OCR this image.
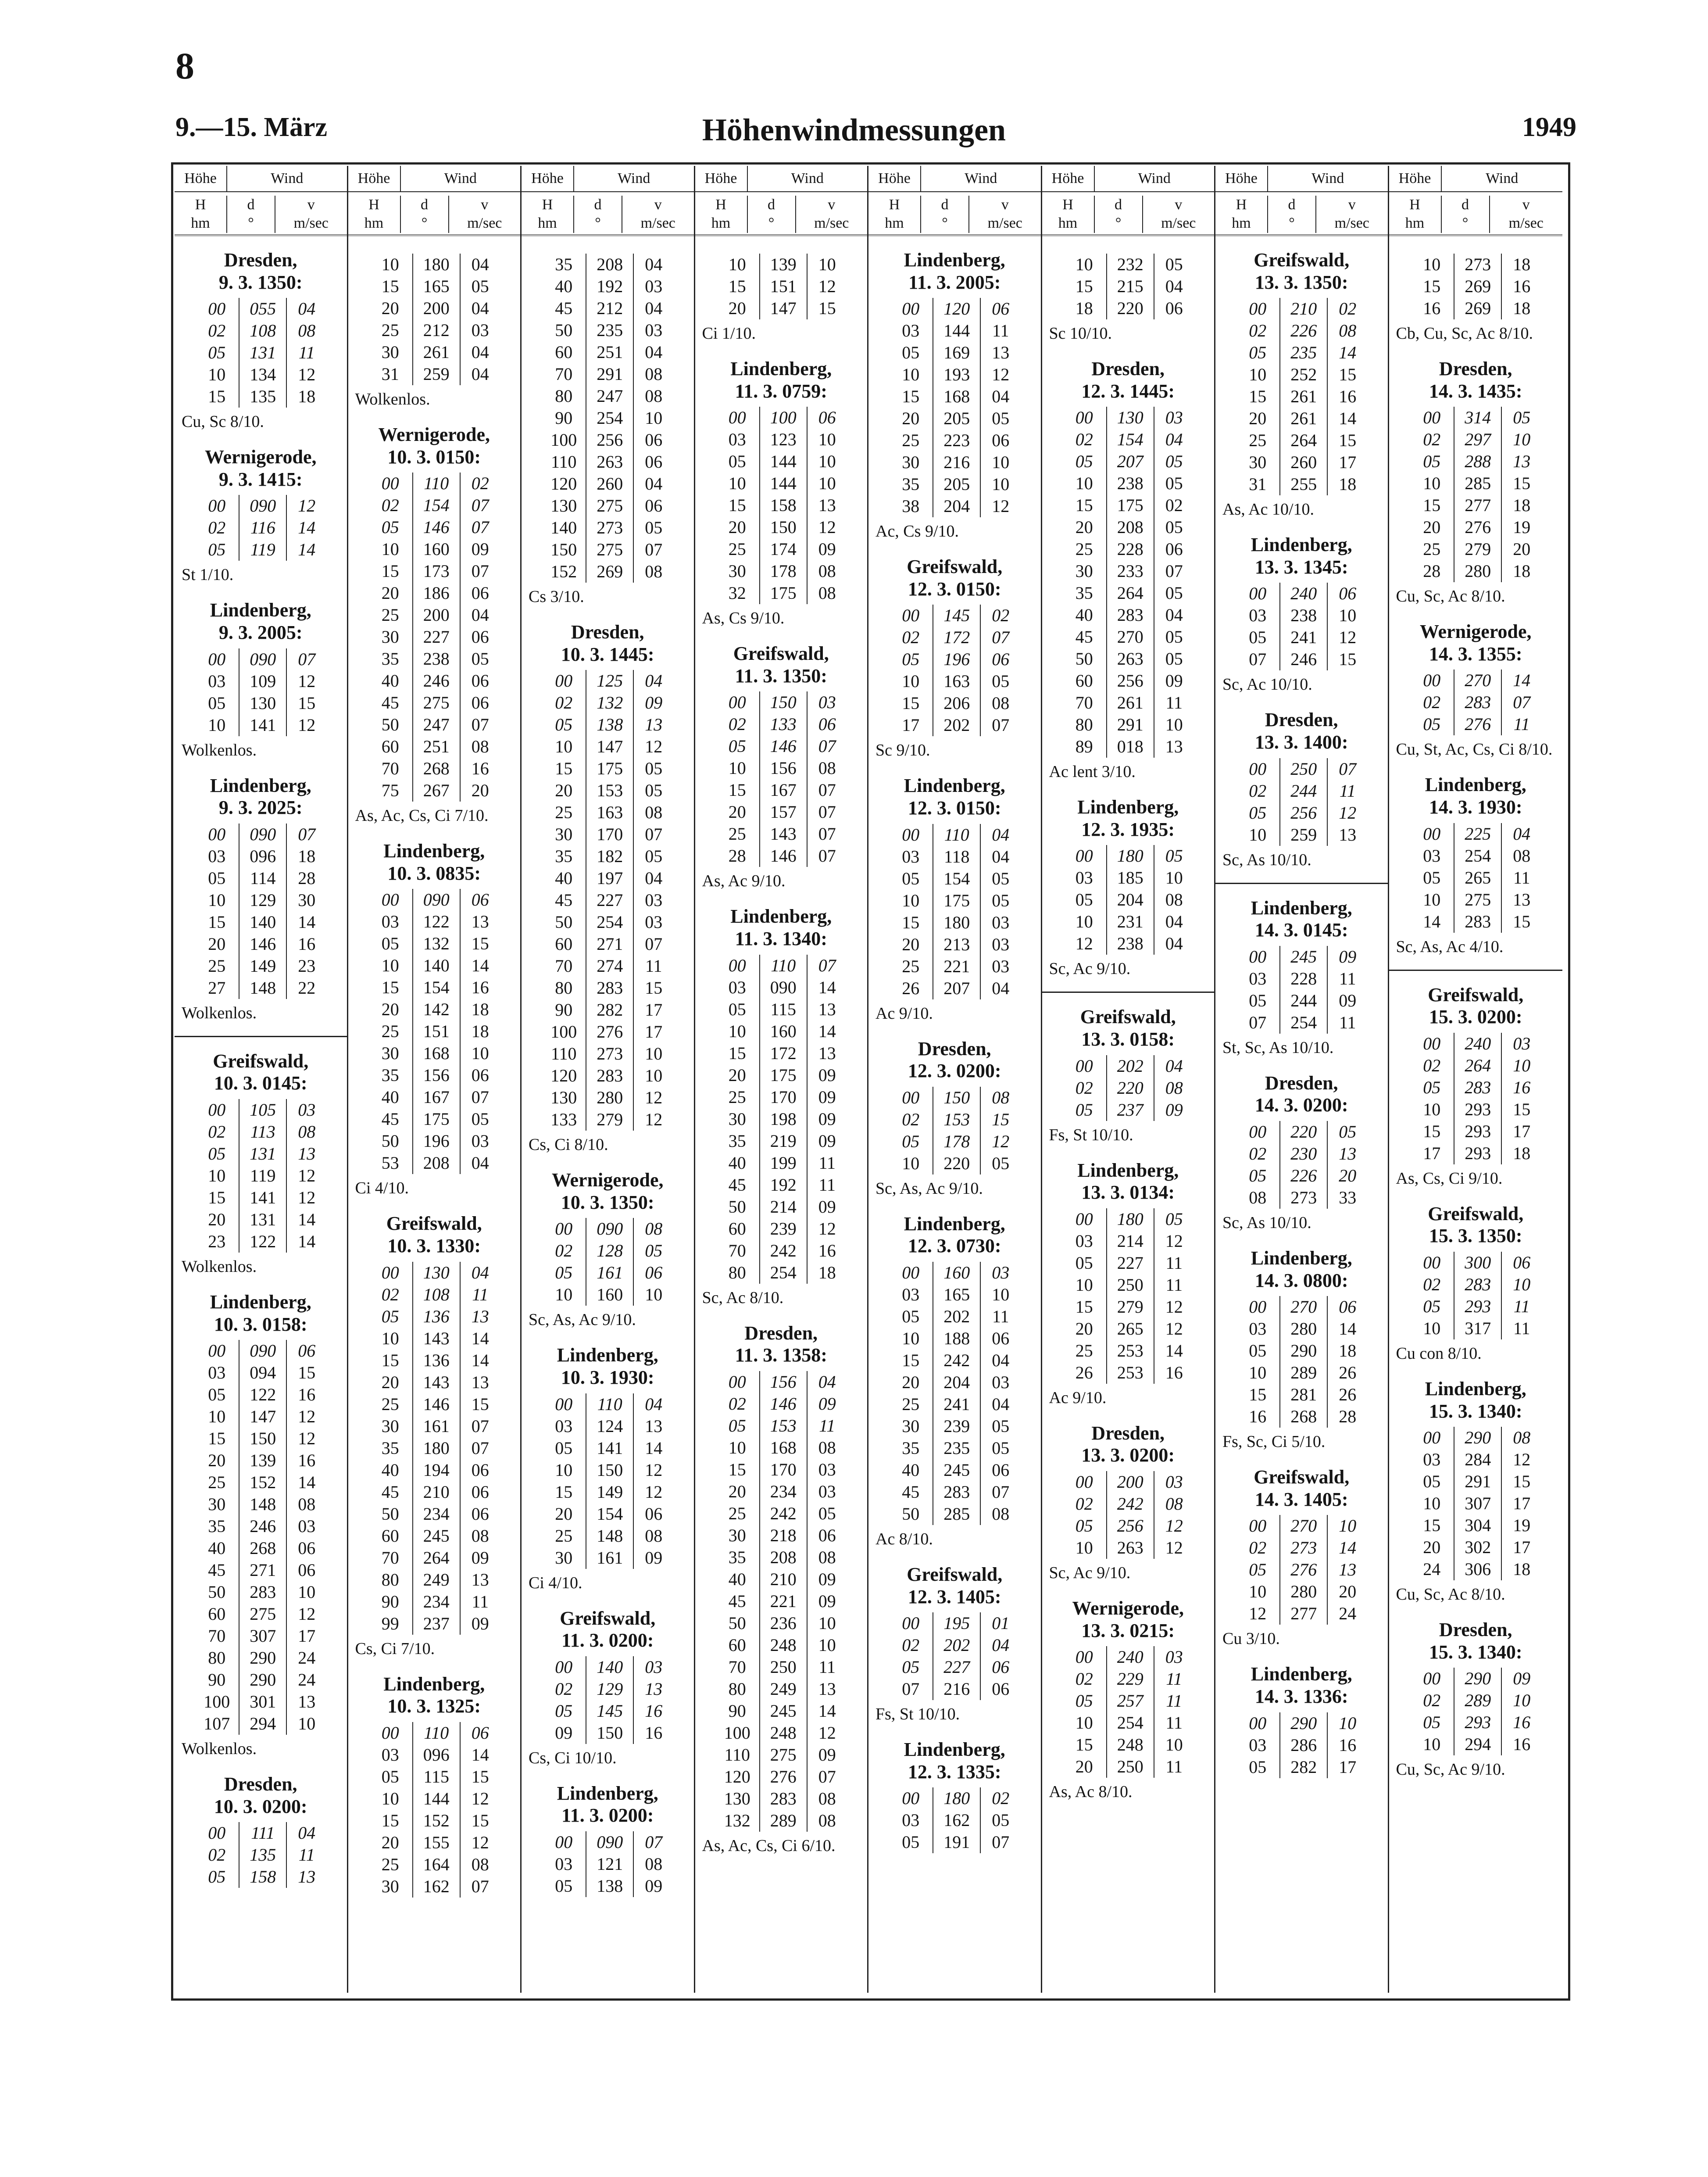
8
9.—15. März	Höhenwindmessungen	1949
Höhe	Wind
H
hm
d
°
v
m/sec
Dresden,
9. 3. 1350:
00	055	04
02	108	08
05	131	11
10	134	12
15	135	18
Cu, Sc 8/10.
Wernigerode,
9. 3. 1415:
00	090	12
02	116	14
05	119	14
St 1/10.
Lindenberg,
9. 3. 2005:
00	090	07
03	109	12
05	130	15
10	141	12
Wolkenlos.
Lindenberg,
9. 3. 2025:
00	090	07
03	096	18
05	114	28
10	129	30
15	140	14
20	146	16
25	149	23
27	148	22
Wolkenlos.
Greifswald,
10. 3. 0145:
00	105	03
02	113	08
05	131	13
10	119	12
15	141	12
20	131	14
23	122	14
Wolkenlos.
Lindenberg,
10. 3. 0158:
00	090	06
03	094	15
05	122	16
10	147	12
15	150	12
20	139	16
25	152	14
30	148	08
35	246	03
40	268	06
45	271	06
50	283	10
60	275	12
70	307	17
80	290	24
90	290	24
100	301	13
107	294	10
Wolkenlos.
Dresden,
10. 3. 0200:
00	111	04
02	135	11
05	158	13
Höhe	Wind
H
hm
d
°
v
m/sec
10	180	04
15	165	05
20	200	04
25	212	03
30	261	04
31	259	04
Wolkenlos.
Wernigerode,
10. 3. 0150:
00	110	02
02	154	07
05	146	07
10	160	09
15	173	07
20	186	06
25	200	04
30	227	06
35	238	05
40	246	06
45	275	06
50	247	07
60	251	08
70	268	16
75	267	20
As, Ac, Cs, Ci 7/10.
Lindenberg,
10. 3. 0835:
00	090	06
03	122	13
05	132	15
10	140	14
15	154	16
20	142	18
25	151	18
30	168	10
35	156	06
40	167	07
45	175	05
50	196	03
53	208	04
Ci 4/10.
Greifswald,
10. 3. 1330:
00	130	04
02	108	11
05	136	13
10	143	14
15	136	14
20	143	13
25	146	15
30	161	07
35	180	07
40	194	06
45	210	06
50	234	06
60	245	08
70	264	09
80	249	13
90	234	11
99	237	09
Cs, Ci 7/10.
Lindenberg,
10. 3. 1325:
00	110	06
03	096	14
05	115	15
10	144	12
15	152	15
20	155	12
25	164	08
30	162	07
Höhe	Wind
H
hm
d
°
v
m/sec
35	208	04
40	192	03
45	212	04
50	235	03
60	251	04
70	291	08
80	247	08
90	254	10
100	256	06
110	263	06
120	260	04
130	275	06
140	273	05
150	275	07
152	269	08
Cs 3/10.
Dresden,
10. 3. 1445:
00	125	04
02	132	09
05	138	13
10	147	12
15	175	05
20	153	05
25	163	08
30	170	07
35	182	05
40	197	04
45	227	03
50	254	03
60	271	07
70	274	11
80	283	15
90	282	17
100	276	17
110	273	10
120	283	10
130	280	12
133	279	12
Cs, Ci 8/10.
Wernigerode,
10. 3. 1350:
00	090	08
02	128	05
05	161	06
10	160	10
Sc, As, Ac 9/10.
Lindenberg,
10. 3. 1930:
00	110	04
03	124	13
05	141	14
10	150	12
15	149	12
20	154	06
25	148	08
30	161	09
Ci 4/10.
Greifswald,
11. 3. 0200:
00	140	03
02	129	13
05	145	16
09	150	16
Cs, Ci 10/10.
Lindenberg,
11. 3. 0200:
00	090	07
03	121	08
05	138	09
Höhe	Wind
H
hm
d
°
v
m/sec
10	139	10
15	151	12
20	147	15
Ci 1/10.
Lindenberg,
11. 3. 0759:
00	100	06
03	123	10
05	144	10
10	144	10
15	158	13
20	150	12
25	174	09
30	178	08
32	175	08
As, Cs 9/10.
Greifswald,
11. 3. 1350:
00	150	03
02	133	06
05	146	07
10	156	08
15	167	07
20	157	07
25	143	07
28	146	07
As, Ac 9/10.
Lindenberg,
11. 3. 1340:
00	110	07
03	090	14
05	115	13
10	160	14
15	172	13
20	175	09
25	170	09
30	198	09
35	219	09
40	199	11
45	192	11
50	214	09
60	239	12
70	242	16
80	254	18
Sc, Ac 8/10.
Dresden,
11. 3. 1358:
00	156	04
02	146	09
05	153	11
10	168	08
15	170	03
20	234	03
25	242	05
30	218	06
35	208	08
40	210	09
45	221	09
50	236	10
60	248	10
70	250	11
80	249	13
90	245	14
100	248	12
110	275	09
120	276	07
130	283	08
132	289	08
As, Ac, Cs, Ci 6/10.
Höhe	Wind
H
hm
d
°
v
m/sec
Lindenberg,
11. 3. 2005:
00	120	06
03	144	11
05	169	13
10	193	12
15	168	04
20	205	05
25	223	06
30	216	10
35	205	10
38	204	12
Ac, Cs 9/10.
Greifswald,
12. 3. 0150:
00	145	02
02	172	07
05	196	06
10	163	05
15	206	08
17	202	07
Sc 9/10.
Lindenberg,
12. 3. 0150:
00	110	04
03	118	04
05	154	05
10	175	05
15	180	03
20	213	03
25	221	03
26	207	04
Ac 9/10.
Dresden,
12. 3. 0200:
00	150	08
02	153	15
05	178	12
10	220	05
Sc, As, Ac 9/10.
Lindenberg,
12. 3. 0730:
00	160	03
03	165	10
05	202	11
10	188	06
15	242	04
20	204	03
25	241	04
30	239	05
35	235	05
40	245	06
45	283	07
50	285	08
Ac 8/10.
Greifswald,
12. 3. 1405:
00	195	01
02	202	04
05	227	06
07	216	06
Fs, St 10/10.
Lindenberg,
12. 3. 1335:
00	180	02
03	162	05
05	191	07
Höhe	Wind
H
hm
d
°
v
m/sec
10	232	05
15	215	04
18	220	06
Sc 10/10.
Dresden,
12. 3. 1445:
00	130	03
02	154	04
05	207	05
10	238	05
15	175	02
20	208	05
25	228	06
30	233	07
35	264	05
40	283	04
45	270	05
50	263	05
60	256	09
70	261	11
80	291	10
89	018	13
Ac lent 3/10.
Lindenberg,
12. 3. 1935:
00	180	05
03	185	10
05	204	08
10	231	04
12	238	04
Sc, Ac 9/10.
Greifswald,
13. 3. 0158:
00	202	04
02	220	08
05	237	09
Fs, St 10/10.
Lindenberg,
13. 3. 0134:
00	180	05
03	214	12
05	227	11
10	250	11
15	279	12
20	265	12
25	253	14
26	253	16
Ac 9/10.
Dresden,
13. 3. 0200:
00	200	03
02	242	08
05	256	12
10	263	12
Sc, Ac 9/10.
Wernigerode,
13. 3. 0215:
00	240	03
02	229	11
05	257	11
10	254	11
15	248	10
20	250	11
As, Ac 8/10.
Höhe	Wind
H
hm
d
°
v
m/sec
Greifswald,
13. 3. 1350:
00	210	02
02	226	08
05	235	14
10	252	15
15	261	16
20	261	14
25	264	15
30	260	17
31	255	18
As, Ac 10/10.
Lindenberg,
13. 3. 1345:
00	240	06
03	238	10
05	241	12
07	246	15
Sc, Ac 10/10.
Dresden,
13. 3. 1400:
00	250	07
02	244	11
05	256	12
10	259	13
Sc, As 10/10.
Lindenberg,
14. 3. 0145:
00	245	09
03	228	11
05	244	09
07	254	11
St, Sc, As 10/10.
Dresden,
14. 3. 0200:
00	220	05
02	230	13
05	226	20
08	273	33
Sc, As 10/10.
Lindenberg,
14. 3. 0800:
00	270	06
03	280	14
05	290	18
10	289	26
15	281	26
16	268	28
Fs, Sc, Ci 5/10.
Greifswald,
14. 3. 1405:
00	270	10
02	273	14
05	276	13
10	280	20
12	277	24
Cu 3/10.
Lindenberg,
14. 3. 1336:
00	290	10
03	286	16
05	282	17
Höhe	Wind
H
hm
d
°
v
m/sec
10	273	18
15	269	16
16	269	18
Cb, Cu, Sc, Ac 8/10.
Dresden,
14. 3. 1435:
00	314	05
02	297	10
05	288	13
10	285	15
15	277	18
20	276	19
25	279	20
28	280	18
Cu, Sc, Ac 8/10.
Wernigerode,
14. 3. 1355:
00	270	14
02	283	07
05	276	11
Cu, St, Ac, Cs, Ci 8/10.
Lindenberg,
14. 3. 1930:
00	225	04
03	254	08
05	265	11
10	275	13
14	283	15
Sc, As, Ac 4/10.
Greifswald,
15. 3. 0200:
00	240	03
02	264	10
05	283	16
10	293	15
15	293	17
17	293	18
As, Cs, Ci 9/10.
Greifswald,
15. 3. 1350:
00	300	06
02	283	10
05	293	11
10	317	11
Cu con 8/10.
Lindenberg,
15. 3. 1340:
00	290	08
03	284	12
05	291	15
10	307	17
15	304	19
20	302	17
24	306	18
Cu, Sc, Ac 8/10.
Dresden,
15. 3. 1340:
00	290	09
02	289	10
05	293	16
10	294	16
Cu, Sc, Ac 9/10.
